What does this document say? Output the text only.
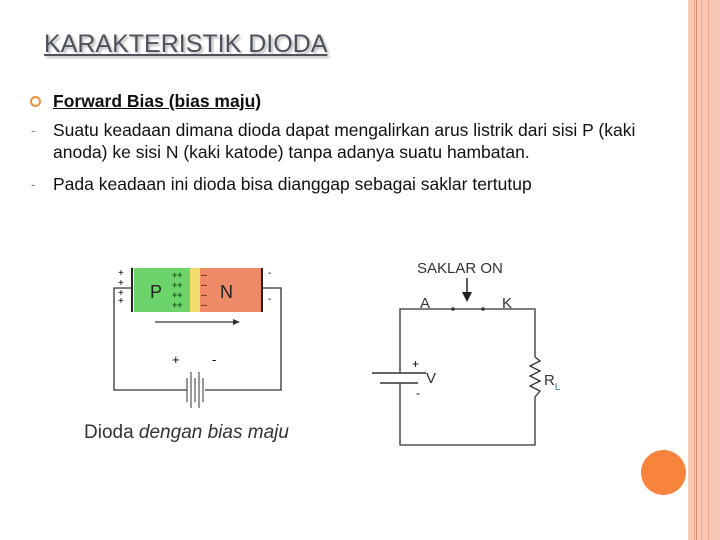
KARAKTERISTIK DIODA
Forward Bias (bias maju)
- Suatu keadaan dimana dioda dapat mengalirkan arus listrik dari sisi P (kaki anoda) ke sisi N (kaki katode) tanpa adanya suatu hambatan.
- Pada keadaan ini dioda bisa dianggap sebagai saklar tertutup
P	N
++
++
++
++
--
--
--
--
+
+
+
+
-
-
+ -
Dioda dengan bias maju
SAKLAR ON
A	K
+
-
V	$R_L$
